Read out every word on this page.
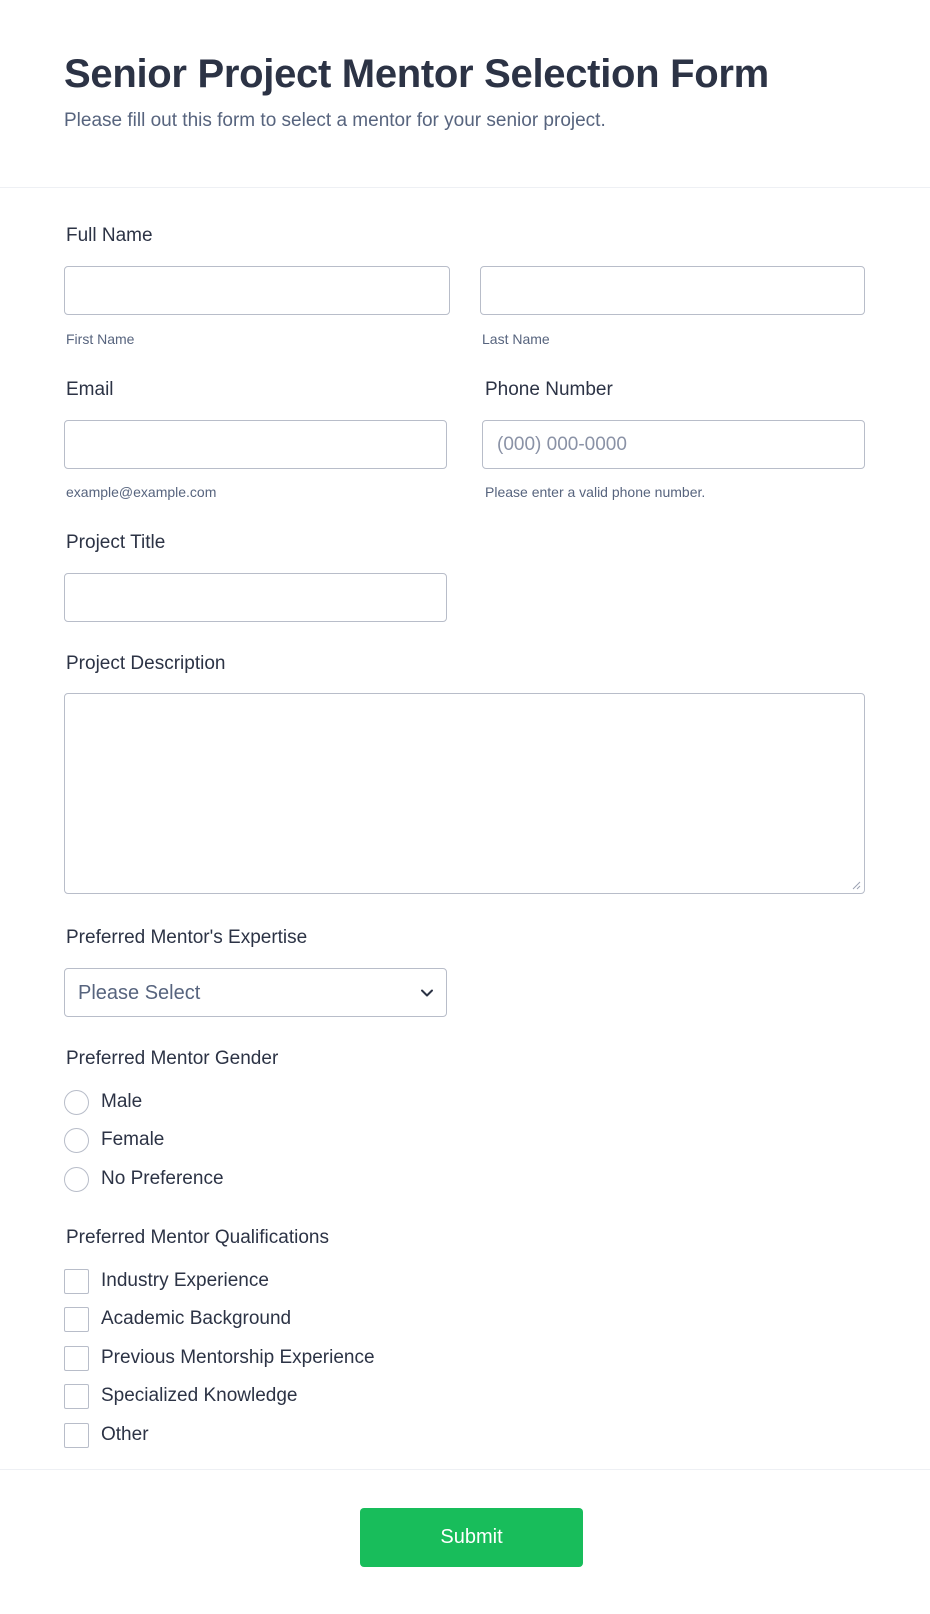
Senior Project Mentor Selection Form

Please fill out this form to select a mentor for your senior project.

Full Name
First Name	Last Name
Email
example@example.com
Phone Number
(000) 000-0000
Please enter a valid phone number.
Project Title
Project Description
Preferred Mentor's Expertise
Please Select
Preferred Mentor Gender
Male
Female
No Preference
Preferred Mentor Qualifications
Industry Experience
Academic Background
Previous Mentorship Experience
Specialized Knowledge
Other
Submit
